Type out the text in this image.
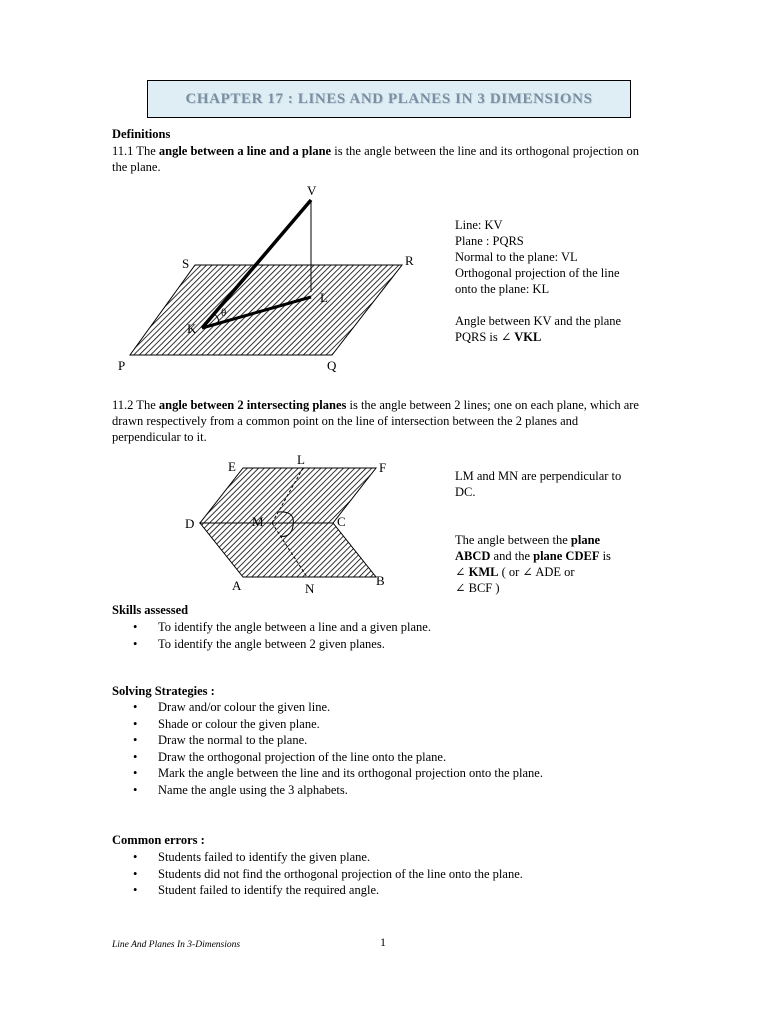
CHAPTER 17 : LINES AND PLANES IN 3 DIMENSIONS
Definitions
11.1 The angle between a line and a plane is the angle between the line and its orthogonal projection on the plane.
V
S	R
L
K
θ
P	Q
Line: KV
Plane : PQRS
Normal to the plane: VL
Orthogonal projection of the line
onto the plane: KL
Angle between KV and the plane
PQRS is ∠ VKL
11.2 The angle between 2 intersecting planes is the angle between 2 lines; one on each plane, which are drawn respectively from a common point on the line of intersection between the 2 planes and perpendicular to it.
E	L
F
D	M	C
A	N
B
LM and MN are perpendicular to
DC.
The angle between the plane
ABCD and the plane CDEF is
∠ KML ( or ∠ ADE or
∠ BCF )
Skills assessed
• To identify the angle between a line and a given plane.
• To identify the angle between 2 given planes.
Solving Strategies :
• Draw and/or colour the given line.
• Shade or colour the given plane.
• Draw the normal to the plane.
• Draw the orthogonal projection of the line onto the plane.
• Mark the angle between the line and its orthogonal projection onto the plane.
• Name the angle using the 3 alphabets.
Common errors :
• Students failed to identify the given plane.
• Students did not find the orthogonal projection of the line onto the plane.
• Student failed to identify the required angle.
Line And Planes In 3-Dimensions	1
